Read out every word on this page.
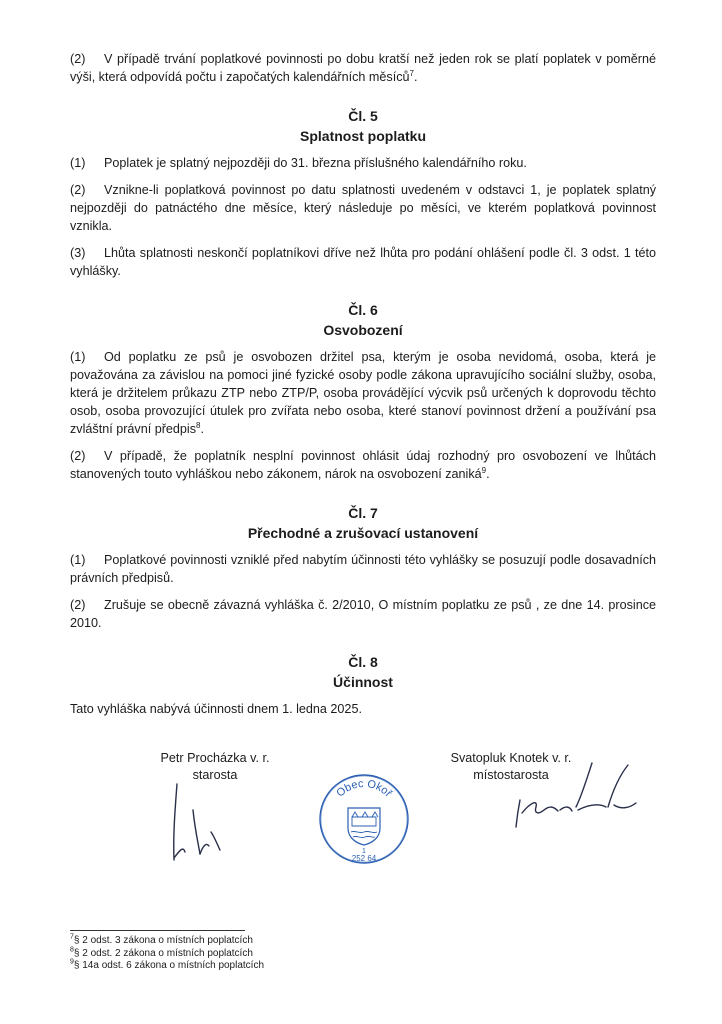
(2) V případě trvání poplatkové povinnosti po dobu kratší než jeden rok se platí poplatek v poměrné výši, která odpovídá počtu i započatých kalendářních měsíců$^7$.

Čl. 5
Splatnost poplatku

(1) Poplatek je splatný nejpozději do 31. března příslušného kalendářního roku.

(2) Vznikne-li poplatková povinnost po datu splatnosti uvedeném v odstavci 1, je poplatek splatný nejpozději do patnáctého dne měsíce, který následuje po měsíci, ve kterém poplatková povinnost vznikla.

(3) Lhůta splatnosti neskončí poplatníkovi dříve než lhůta pro podání ohlášení podle čl. 3 odst. 1 této vyhlášky.

Čl. 6
Osvobození

(1) Od poplatku ze psů je osvobozen držitel psa, kterým je osoba nevidomá, osoba, která je považována za závislou na pomoci jiné fyzické osoby podle zákona upravujícího sociální služby, osoba, která je držitelem průkazu ZTP nebo ZTP/P, osoba provádějící výcvik psů určených k doprovodu těchto osob, osoba provozující útulek pro zvířata nebo osoba, které stanoví povinnost držení a používání psa zvláštní právní předpis$^8$.

(2) V případě, že poplatník nesplní povinnost ohlásit údaj rozhodný pro osvobození ve lhůtách stanovených touto vyhláškou nebo zákonem, nárok na osvobození zaniká$^9$.

Čl. 7
Přechodné a zrušovací ustanovení

(1) Poplatkové povinnosti vzniklé před nabytím účinnosti této vyhlášky se posuzují podle dosavadních právních předpisů.

(2) Zrušuje se obecně závazná vyhláška č. 2/2010, O místním poplatku ze psů , ze dne 14. prosince 2010.

Čl. 8
Účinnost

Tato vyhláška nabývá účinnosti dnem 1. ledna 2025.

Petr Procházka v. r.
starosta
Svatopluk Knotek v. r.
místostarosta
Obec Okoř
1
252 64
$^7$§ 2 odst. 3 zákona o místních poplatcích
$^8$§ 2 odst. 2 zákona o místních poplatcích
$^9$§ 14a odst. 6 zákona o místních poplatcích
